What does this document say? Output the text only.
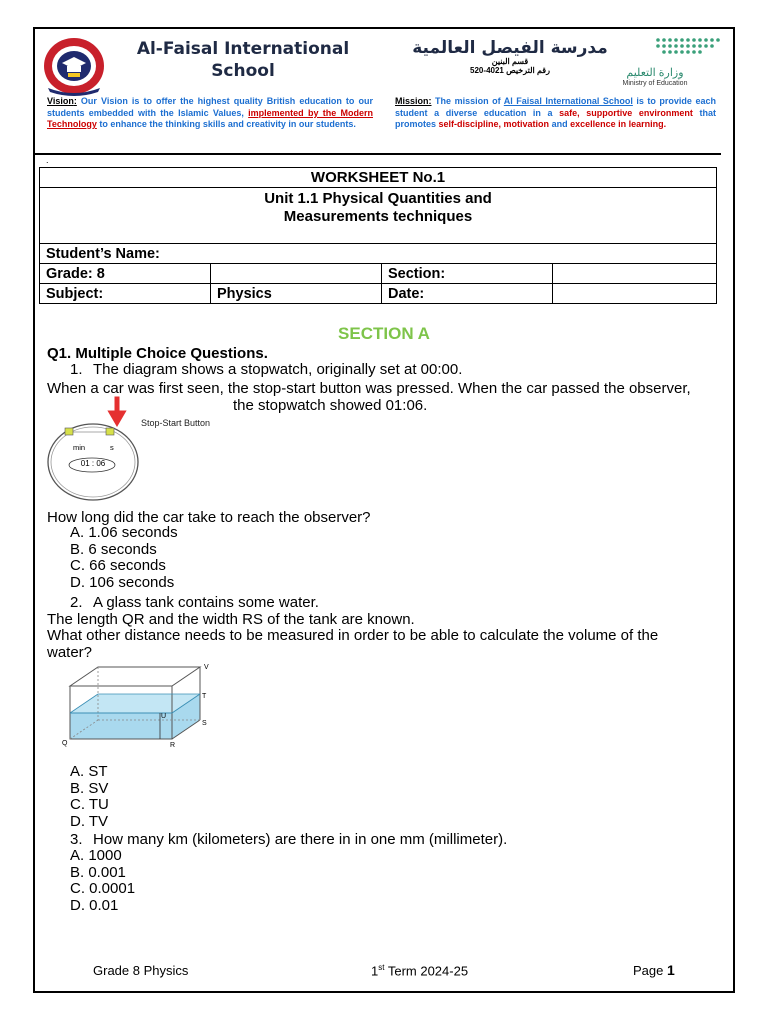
Al-Faisal International School
مدرسة الفيصل العالمية
قسم البنين
رقم الترخيص 4021-520	وزارة التعليم
Ministry of Education
Vision: Our Vision is to offer the highest quality British education to our students embedded with the Islamic Values, implemented by the Modern Technology to enhance the thinking skills and creativity in our students.
Mission: The mission of Al Faisal International School is to provide each student a diverse education in a safe, supportive environment that promotes self-discipline, motivation and excellence in learning.
.
WORKSHEET No.1			

Unit 1.1 Physical Quantities and
Measurements techniques			

Student’s Name:			
Grade: 8		Section:	
Subject:	Physics	Date:	
SECTION A
Q1. Multiple Choice Questions.
1. The diagram shows a stopwatch, originally set at 00:00.
When a car was first seen, the stop-start button was pressed. When the car passed the observer,
the stopwatch showed 01:06.
min	s
01 : 06
Stop-Start Button
How long did the car take to reach the observer?
A. 1.06 seconds
B. 6 seconds
C. 66 seconds
D. 106 seconds
2. A glass tank contains some water.
The length QR and the width RS of the tank are known.
What other distance needs to be measured in order to be able to calculate the volume of the
water?
V
T
U
S
Q	R
A. ST
B. SV
C. TU
D. TV
3. How many km (kilometers) are there in in one mm (millimeter).
A. 1000
B. 0.001
C. 0.0001
D. 0.01
Grade 8 Physics	1st Term 2024-25	Page 1
